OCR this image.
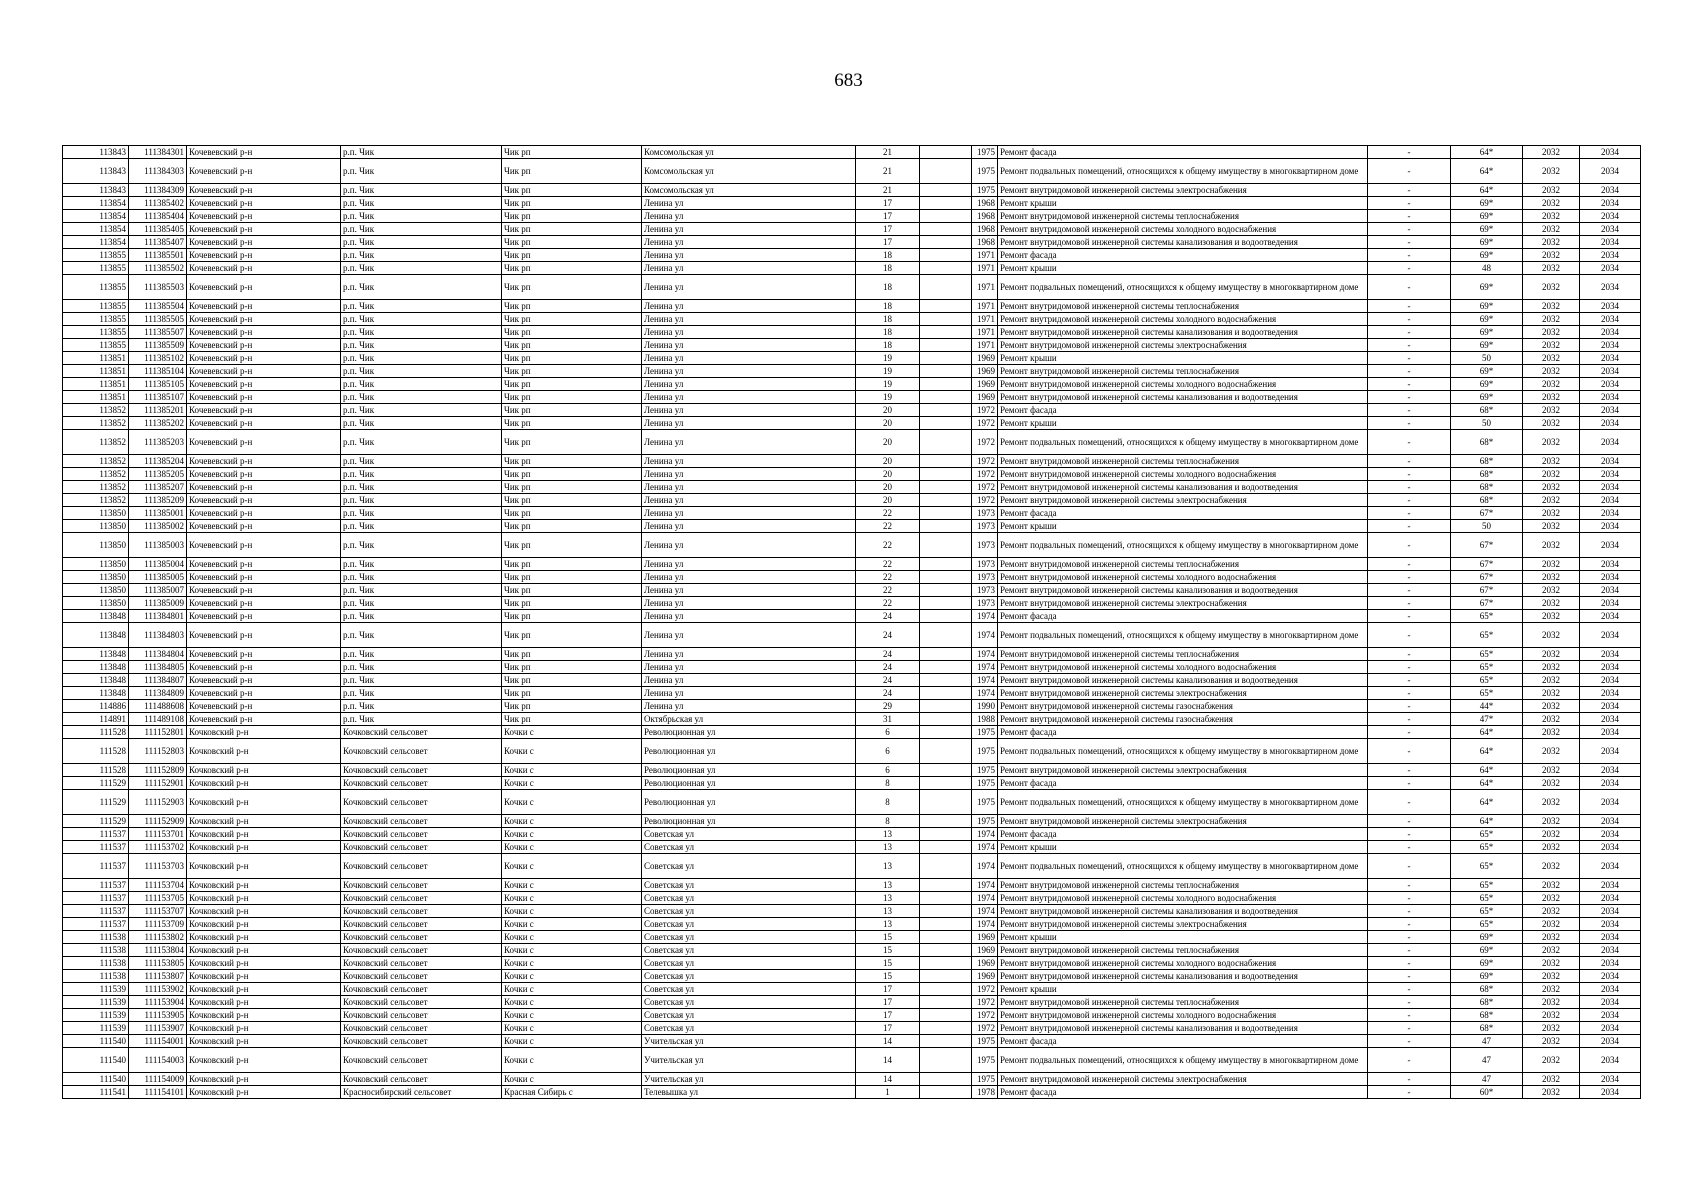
683
113843	111384301	Кочевевский р-н	р.п. Чик	Чик рп	Комсомольская ул	21		1975	Ремонт фасада	-	64*	2032	2034
113843	111384303	Кочевевский р-н	р.п. Чик	Чик рп	Комсомольская ул	21		1975	Ремонт подвальных помещений, относящихся к общему имуществу в многоквартирном доме	-	64*	2032	2034
113843	111384309	Кочевевский р-н	р.п. Чик	Чик рп	Комсомольская ул	21		1975	Ремонт внутридомовой инженерной системы электроснабжения	-	64*	2032	2034
113854	111385402	Кочевевский р-н	р.п. Чик	Чик рп	Ленина ул	17		1968	Ремонт крыши	-	69*	2032	2034
113854	111385404	Кочевевский р-н	р.п. Чик	Чик рп	Ленина ул	17		1968	Ремонт внутридомовой инженерной системы теплоснабжения	-	69*	2032	2034
113854	111385405	Кочевевский р-н	р.п. Чик	Чик рп	Ленина ул	17		1968	Ремонт внутридомовой инженерной системы холодного водоснабжения	-	69*	2032	2034
113854	111385407	Кочевевский р-н	р.п. Чик	Чик рп	Ленина ул	17		1968	Ремонт внутридомовой инженерной системы канализования и водоотведения	-	69*	2032	2034
113855	111385501	Кочевевский р-н	р.п. Чик	Чик рп	Ленина ул	18		1971	Ремонт фасада	-	69*	2032	2034
113855	111385502	Кочевевский р-н	р.п. Чик	Чик рп	Ленина ул	18		1971	Ремонт крыши	-	48	2032	2034
113855	111385503	Кочевевский р-н	р.п. Чик	Чик рп	Ленина ул	18		1971	Ремонт подвальных помещений, относящихся к общему имуществу в многоквартирном доме	-	69*	2032	2034
113855	111385504	Кочевевский р-н	р.п. Чик	Чик рп	Ленина ул	18		1971	Ремонт внутридомовой инженерной системы теплоснабжения	-	69*	2032	2034
113855	111385505	Кочевевский р-н	р.п. Чик	Чик рп	Ленина ул	18		1971	Ремонт внутридомовой инженерной системы холодного водоснабжения	-	69*	2032	2034
113855	111385507	Кочевевский р-н	р.п. Чик	Чик рп	Ленина ул	18		1971	Ремонт внутридомовой инженерной системы канализования и водоотведения	-	69*	2032	2034
113855	111385509	Кочевевский р-н	р.п. Чик	Чик рп	Ленина ул	18		1971	Ремонт внутридомовой инженерной системы электроснабжения	-	69*	2032	2034
113851	111385102	Кочевевский р-н	р.п. Чик	Чик рп	Ленина ул	19		1969	Ремонт крыши	-	50	2032	2034
113851	111385104	Кочевевский р-н	р.п. Чик	Чик рп	Ленина ул	19		1969	Ремонт внутридомовой инженерной системы теплоснабжения	-	69*	2032	2034
113851	111385105	Кочевевский р-н	р.п. Чик	Чик рп	Ленина ул	19		1969	Ремонт внутридомовой инженерной системы холодного водоснабжения	-	69*	2032	2034
113851	111385107	Кочевевский р-н	р.п. Чик	Чик рп	Ленина ул	19		1969	Ремонт внутридомовой инженерной системы канализования и водоотведения	-	69*	2032	2034
113852	111385201	Кочевевский р-н	р.п. Чик	Чик рп	Ленина ул	20		1972	Ремонт фасада	-	68*	2032	2034
113852	111385202	Кочевевский р-н	р.п. Чик	Чик рп	Ленина ул	20		1972	Ремонт крыши	-	50	2032	2034
113852	111385203	Кочевевский р-н	р.п. Чик	Чик рп	Ленина ул	20		1972	Ремонт подвальных помещений, относящихся к общему имуществу в многоквартирном доме	-	68*	2032	2034
113852	111385204	Кочевевский р-н	р.п. Чик	Чик рп	Ленина ул	20		1972	Ремонт внутридомовой инженерной системы теплоснабжения	-	68*	2032	2034
113852	111385205	Кочевевский р-н	р.п. Чик	Чик рп	Ленина ул	20		1972	Ремонт внутридомовой инженерной системы холодного водоснабжения	-	68*	2032	2034
113852	111385207	Кочевевский р-н	р.п. Чик	Чик рп	Ленина ул	20		1972	Ремонт внутридомовой инженерной системы канализования и водоотведения	-	68*	2032	2034
113852	111385209	Кочевевский р-н	р.п. Чик	Чик рп	Ленина ул	20		1972	Ремонт внутридомовой инженерной системы электроснабжения	-	68*	2032	2034
113850	111385001	Кочевевский р-н	р.п. Чик	Чик рп	Ленина ул	22		1973	Ремонт фасада	-	67*	2032	2034
113850	111385002	Кочевевский р-н	р.п. Чик	Чик рп	Ленина ул	22		1973	Ремонт крыши	-	50	2032	2034
113850	111385003	Кочевевский р-н	р.п. Чик	Чик рп	Ленина ул	22		1973	Ремонт подвальных помещений, относящихся к общему имуществу в многоквартирном доме	-	67*	2032	2034
113850	111385004	Кочевевский р-н	р.п. Чик	Чик рп	Ленина ул	22		1973	Ремонт внутридомовой инженерной системы теплоснабжения	-	67*	2032	2034
113850	111385005	Кочевевский р-н	р.п. Чик	Чик рп	Ленина ул	22		1973	Ремонт внутридомовой инженерной системы холодного водоснабжения	-	67*	2032	2034
113850	111385007	Кочевевский р-н	р.п. Чик	Чик рп	Ленина ул	22		1973	Ремонт внутридомовой инженерной системы канализования и водоотведения	-	67*	2032	2034
113850	111385009	Кочевевский р-н	р.п. Чик	Чик рп	Ленина ул	22		1973	Ремонт внутридомовой инженерной системы электроснабжения	-	67*	2032	2034
113848	111384801	Кочевевский р-н	р.п. Чик	Чик рп	Ленина ул	24		1974	Ремонт фасада	-	65*	2032	2034
113848	111384803	Кочевевский р-н	р.п. Чик	Чик рп	Ленина ул	24		1974	Ремонт подвальных помещений, относящихся к общему имуществу в многоквартирном доме	-	65*	2032	2034
113848	111384804	Кочевевский р-н	р.п. Чик	Чик рп	Ленина ул	24		1974	Ремонт внутридомовой инженерной системы теплоснабжения	-	65*	2032	2034
113848	111384805	Кочевевский р-н	р.п. Чик	Чик рп	Ленина ул	24		1974	Ремонт внутридомовой инженерной системы холодного водоснабжения	-	65*	2032	2034
113848	111384807	Кочевевский р-н	р.п. Чик	Чик рп	Ленина ул	24		1974	Ремонт внутридомовой инженерной системы канализования и водоотведения	-	65*	2032	2034
113848	111384809	Кочевевский р-н	р.п. Чик	Чик рп	Ленина ул	24		1974	Ремонт внутридомовой инженерной системы электроснабжения	-	65*	2032	2034
114886	111488608	Кочевевский р-н	р.п. Чик	Чик рп	Ленина ул	29		1990	Ремонт внутридомовой инженерной системы газоснабжения	-	44*	2032	2034
114891	111489108	Кочевевский р-н	р.п. Чик	Чик рп	Октябрьская ул	31		1988	Ремонт внутридомовой инженерной системы газоснабжения	-	47*	2032	2034
111528	111152801	Кочковский р-н	Кочковский сельсовет	Кочки с	Революционная ул	6		1975	Ремонт фасада	-	64*	2032	2034
111528	111152803	Кочковский р-н	Кочковский сельсовет	Кочки с	Революционная ул	6		1975	Ремонт подвальных помещений, относящихся к общему имуществу в многоквартирном доме	-	64*	2032	2034
111528	111152809	Кочковский р-н	Кочковский сельсовет	Кочки с	Революционная ул	6		1975	Ремонт внутридомовой инженерной системы электроснабжения	-	64*	2032	2034
111529	111152901	Кочковский р-н	Кочковский сельсовет	Кочки с	Революционная ул	8		1975	Ремонт фасада	-	64*	2032	2034
111529	111152903	Кочковский р-н	Кочковский сельсовет	Кочки с	Революционная ул	8		1975	Ремонт подвальных помещений, относящихся к общему имуществу в многоквартирном доме	-	64*	2032	2034
111529	111152909	Кочковский р-н	Кочковский сельсовет	Кочки с	Революционная ул	8		1975	Ремонт внутридомовой инженерной системы электроснабжения	-	64*	2032	2034
111537	111153701	Кочковский р-н	Кочковский сельсовет	Кочки с	Советская ул	13		1974	Ремонт фасада	-	65*	2032	2034
111537	111153702	Кочковский р-н	Кочковский сельсовет	Кочки с	Советская ул	13		1974	Ремонт крыши	-	65*	2032	2034
111537	111153703	Кочковский р-н	Кочковский сельсовет	Кочки с	Советская ул	13		1974	Ремонт подвальных помещений, относящихся к общему имуществу в многоквартирном доме	-	65*	2032	2034
111537	111153704	Кочковский р-н	Кочковский сельсовет	Кочки с	Советская ул	13		1974	Ремонт внутридомовой инженерной системы теплоснабжения	-	65*	2032	2034
111537	111153705	Кочковский р-н	Кочковский сельсовет	Кочки с	Советская ул	13		1974	Ремонт внутридомовой инженерной системы холодного водоснабжения	-	65*	2032	2034
111537	111153707	Кочковский р-н	Кочковский сельсовет	Кочки с	Советская ул	13		1974	Ремонт внутридомовой инженерной системы канализования и водоотведения	-	65*	2032	2034
111537	111153709	Кочковский р-н	Кочковский сельсовет	Кочки с	Советская ул	13		1974	Ремонт внутридомовой инженерной системы электроснабжения	-	65*	2032	2034
111538	111153802	Кочковский р-н	Кочковский сельсовет	Кочки с	Советская ул	15		1969	Ремонт крыши	-	69*	2032	2034
111538	111153804	Кочковский р-н	Кочковский сельсовет	Кочки с	Советская ул	15		1969	Ремонт внутридомовой инженерной системы теплоснабжения	-	69*	2032	2034
111538	111153805	Кочковский р-н	Кочковский сельсовет	Кочки с	Советская ул	15		1969	Ремонт внутридомовой инженерной системы холодного водоснабжения	-	69*	2032	2034
111538	111153807	Кочковский р-н	Кочковский сельсовет	Кочки с	Советская ул	15		1969	Ремонт внутридомовой инженерной системы канализования и водоотведения	-	69*	2032	2034
111539	111153902	Кочковский р-н	Кочковский сельсовет	Кочки с	Советская ул	17		1972	Ремонт крыши	-	68*	2032	2034
111539	111153904	Кочковский р-н	Кочковский сельсовет	Кочки с	Советская ул	17		1972	Ремонт внутридомовой инженерной системы теплоснабжения	-	68*	2032	2034
111539	111153905	Кочковский р-н	Кочковский сельсовет	Кочки с	Советская ул	17		1972	Ремонт внутридомовой инженерной системы холодного водоснабжения	-	68*	2032	2034
111539	111153907	Кочковский р-н	Кочковский сельсовет	Кочки с	Советская ул	17		1972	Ремонт внутридомовой инженерной системы канализования и водоотведения	-	68*	2032	2034
111540	111154001	Кочковский р-н	Кочковский сельсовет	Кочки с	Учительская ул	14		1975	Ремонт фасада	-	47	2032	2034
111540	111154003	Кочковский р-н	Кочковский сельсовет	Кочки с	Учительская ул	14		1975	Ремонт подвальных помещений, относящихся к общему имуществу в многоквартирном доме	-	47	2032	2034
111540	111154009	Кочковский р-н	Кочковский сельсовет	Кочки с	Учительская ул	14		1975	Ремонт внутридомовой инженерной системы электроснабжения	-	47	2032	2034
111541	111154101	Кочковский р-н	Красносибирский сельсовет	Красная Сибирь с	Телевышка ул	1		1978	Ремонт фасада	-	60*	2032	2034
